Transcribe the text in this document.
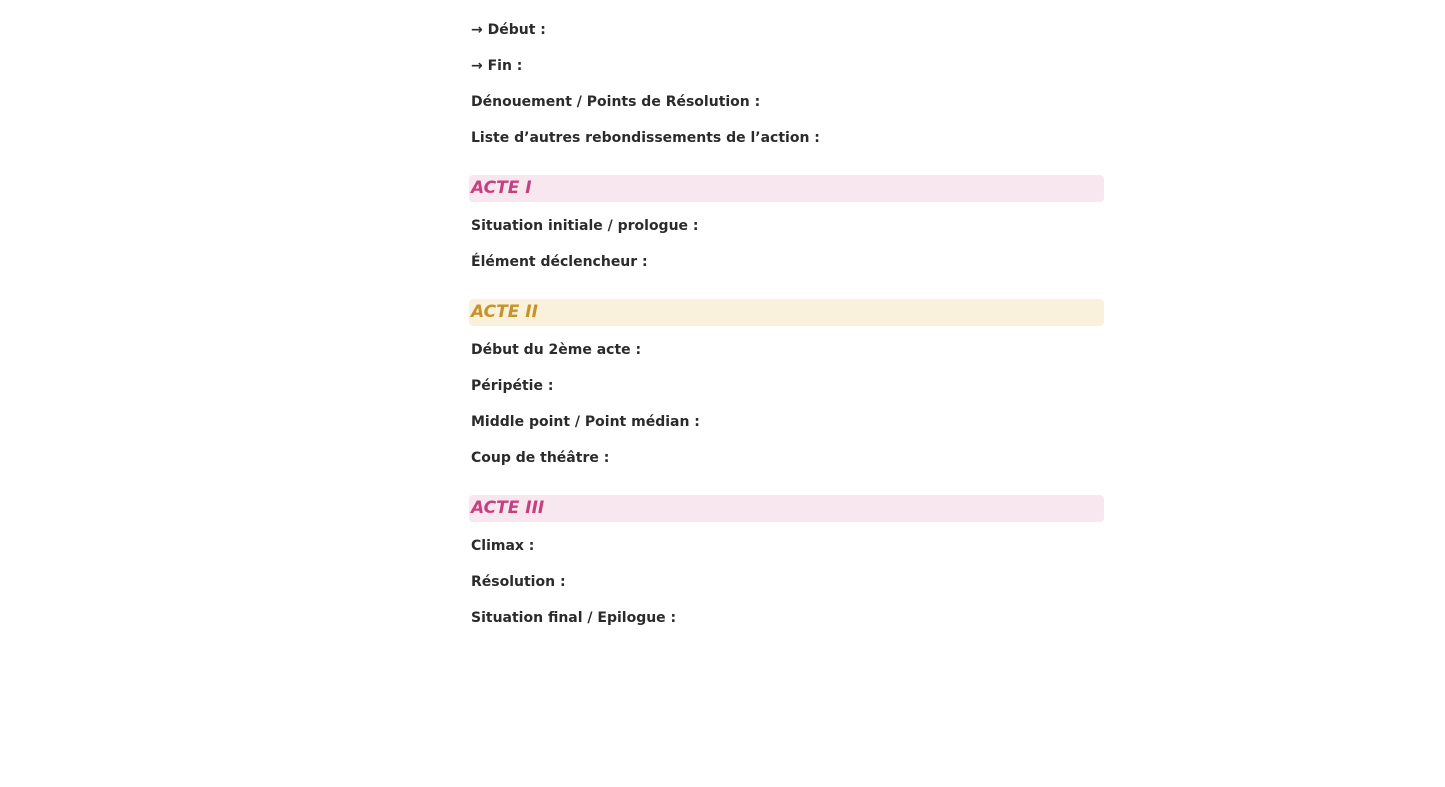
→ Début :
→ Fin :
Dénouement / Points de Résolution :
Liste d’autres rebondissements de l’action :
ACTE I
Situation initiale / prologue :
Élément déclencheur :
ACTE II
Début du 2ème acte :
Péripétie :
Middle point / Point médian :
Coup de théâtre :
ACTE III
Climax :
Résolution :
Situation final / Epilogue :
